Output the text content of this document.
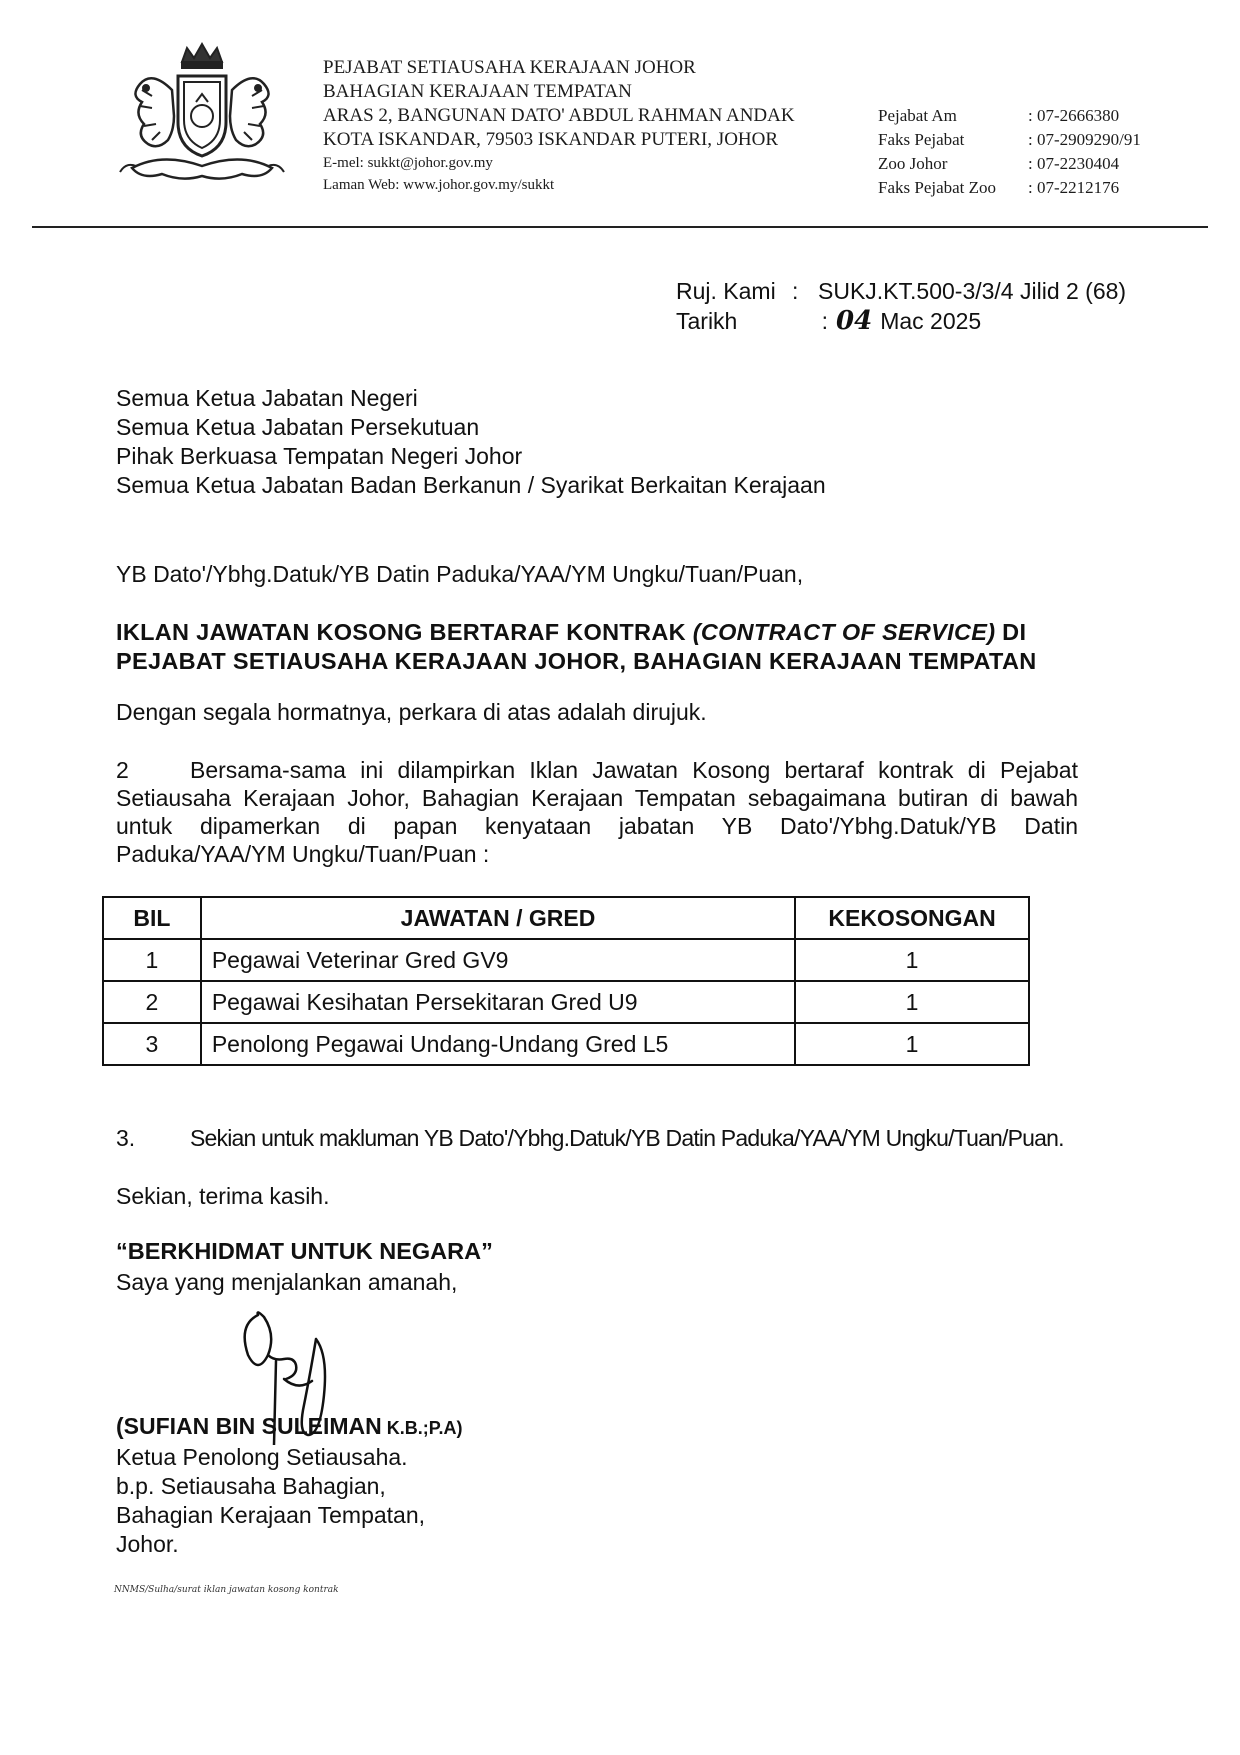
PEJABAT SETIAUSAHA KERAJAAN JOHOR
BAHAGIAN KERAJAAN TEMPATAN
ARAS 2, BANGUNAN DATO' ABDUL RAHMAN ANDAK
KOTA ISKANDAR, 79503 ISKANDAR PUTERI, JOHOR
E-mel: sukkt@johor.gov.my
Laman Web: www.johor.gov.my/sukkt
Pejabat Am	: 07-2666380
Faks Pejabat	: 07-2909290/91
Zoo Johor	: 07-2230404
Faks Pejabat Zoo	: 07-2212176
Ruj. Kami : SUKJ.KT.500-3/3/4 Jilid 2 (68)
Tarikh	: 04 Mac 2025
Semua Ketua Jabatan Negeri
Semua Ketua Jabatan Persekutuan
Pihak Berkuasa Tempatan Negeri Johor
Semua Ketua Jabatan Badan Berkanun / Syarikat Berkaitan Kerajaan
YB Dato'/Ybhg.Datuk/YB Datin Paduka/YAA/YM Ungku/Tuan/Puan,
IKLAN JAWATAN KOSONG BERTARAF KONTRAK (CONTRACT OF SERVICE) DI PEJABAT SETIAUSAHA KERAJAAN JOHOR, BAHAGIAN KERAJAAN TEMPATAN
Dengan segala hormatnya, perkara di atas adalah dirujuk.
2	Bersama-sama ini dilampirkan Iklan Jawatan Kosong bertaraf kontrak di Pejabat Setiausaha Kerajaan Johor, Bahagian Kerajaan Tempatan sebagaimana butiran di bawah untuk dipamerkan di papan kenyataan jabatan YB Dato'/Ybhg.Datuk/YB Datin Paduka/YAA/YM Ungku/Tuan/Puan :
BIL	JAWATAN / GRED	KEKOSONGAN
1	Pegawai Veterinar Gred GV9	1
2	Pegawai Kesihatan Persekitaran Gred U9	1
3	Penolong Pegawai Undang-Undang Gred L5	1
3. Sekian untuk makluman YB Dato'/Ybhg.Datuk/YB Datin Paduka/YAA/YM Ungku/Tuan/Puan.
Sekian, terima kasih.
“BERKHIDMAT UNTUK NEGARA”
Saya yang menjalankan amanah,
(SUFIAN BIN SULEIMAN K.B.;P.A)
Ketua Penolong Setiausaha.
b.p. Setiausaha Bahagian,
Bahagian Kerajaan Tempatan,
Johor.
NNMS/Sulha/surat iklan jawatan kosong kontrak
